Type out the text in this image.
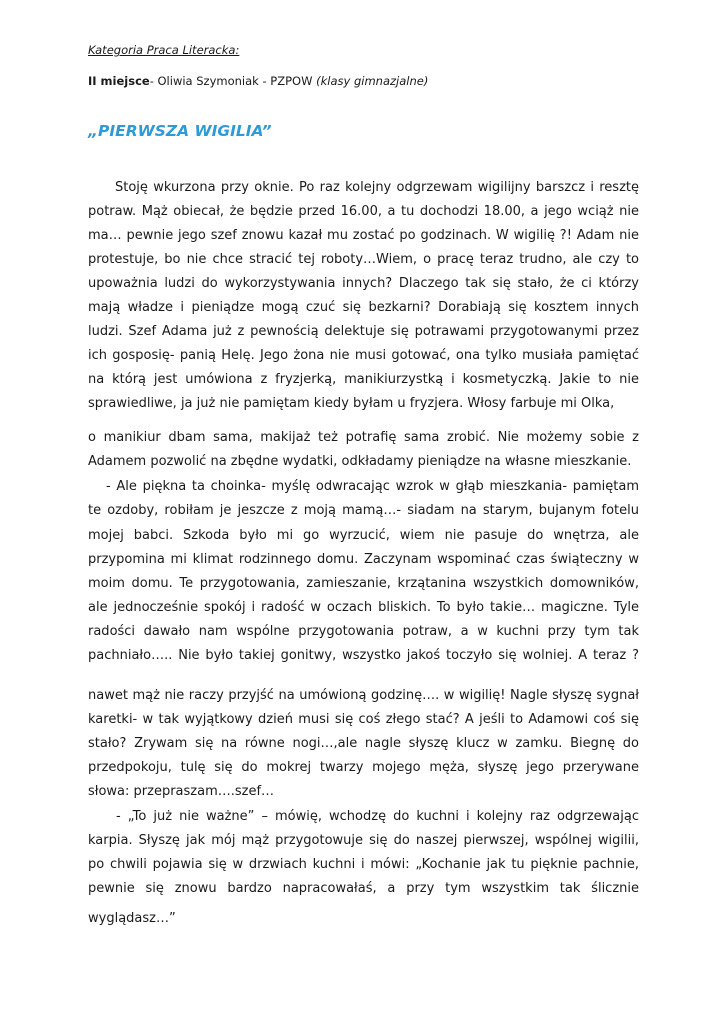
Kategoria Praca Literacka:
II miejsce- Oliwia Szymoniak - PZPOW (klasy gimnazjalne)
„PIERWSZA WIGILIA”
Stoję wkurzona przy oknie. Po raz kolejny odgrzewam wigilijny barszcz i resztę
potraw. Mąż obiecał, że będzie przed 16.00, a tu dochodzi 18.00, a jego wciąż nie
ma… pewnie jego szef znowu kazał mu zostać po godzinach. W wigilię ?! Adam nie
protestuje, bo nie chce stracić tej roboty…Wiem, o pracę teraz trudno, ale czy to
upoważnia ludzi do wykorzystywania innych? Dlaczego tak się stało, że ci którzy
mają władze i pieniądze mogą czuć się bezkarni? Dorabiają się kosztem innych
ludzi. Szef Adama już z pewnością delektuje się potrawami przygotowanymi przez
ich gosposię- panią Helę. Jego żona nie musi gotować, ona tylko musiała pamiętać
na którą jest umówiona z fryzjerką, manikiurzystką i kosmetyczką. Jakie to nie
sprawiedliwe, ja już nie pamiętam kiedy byłam u fryzjera. Włosy farbuje mi Olka,
o manikiur dbam sama, makijaż też potrafię sama zrobić. Nie możemy sobie z
Adamem pozwolić na zbędne wydatki, odkładamy pieniądze na własne mieszkanie.
- Ale piękna ta choinka- myślę odwracając wzrok w głąb mieszkania- pamiętam
te ozdoby, robiłam je jeszcze z moją mamą…- siadam na starym, bujanym fotelu
mojej babci. Szkoda było mi go wyrzucić, wiem nie pasuje do wnętrza, ale
przypomina mi klimat rodzinnego domu. Zaczynam wspominać czas świąteczny w
moim domu. Te przygotowania, zamieszanie, krzątanina wszystkich domowników,
ale jednocześnie spokój i radość w oczach bliskich. To było takie… magiczne. Tyle
radości dawało nam wspólne przygotowania potraw, a w kuchni przy tym tak
pachniało….. Nie było takiej gonitwy, wszystko jakoś toczyło się wolniej. A teraz ?
nawet mąż nie raczy przyjść na umówioną godzinę…. w wigilię! Nagle słyszę sygnał
karetki- w tak wyjątkowy dzień musi się coś złego stać? A jeśli to Adamowi coś się
stało? Zrywam się na równe nogi…,ale nagle słyszę klucz w zamku. Biegnę do
przedpokoju, tulę się do mokrej twarzy mojego męża, słyszę jego przerywane
słowa: przepraszam….szef…
- „To już nie ważne” – mówię, wchodzę do kuchni i kolejny raz odgrzewając
karpia. Słyszę jak mój mąż przygotowuje się do naszej pierwszej, wspólnej wigilii,
po chwili pojawia się w drzwiach kuchni i mówi: „Kochanie jak tu pięknie pachnie,
pewnie się znowu bardzo napracowałaś, a przy tym wszystkim tak ślicznie
wyglądasz…”
